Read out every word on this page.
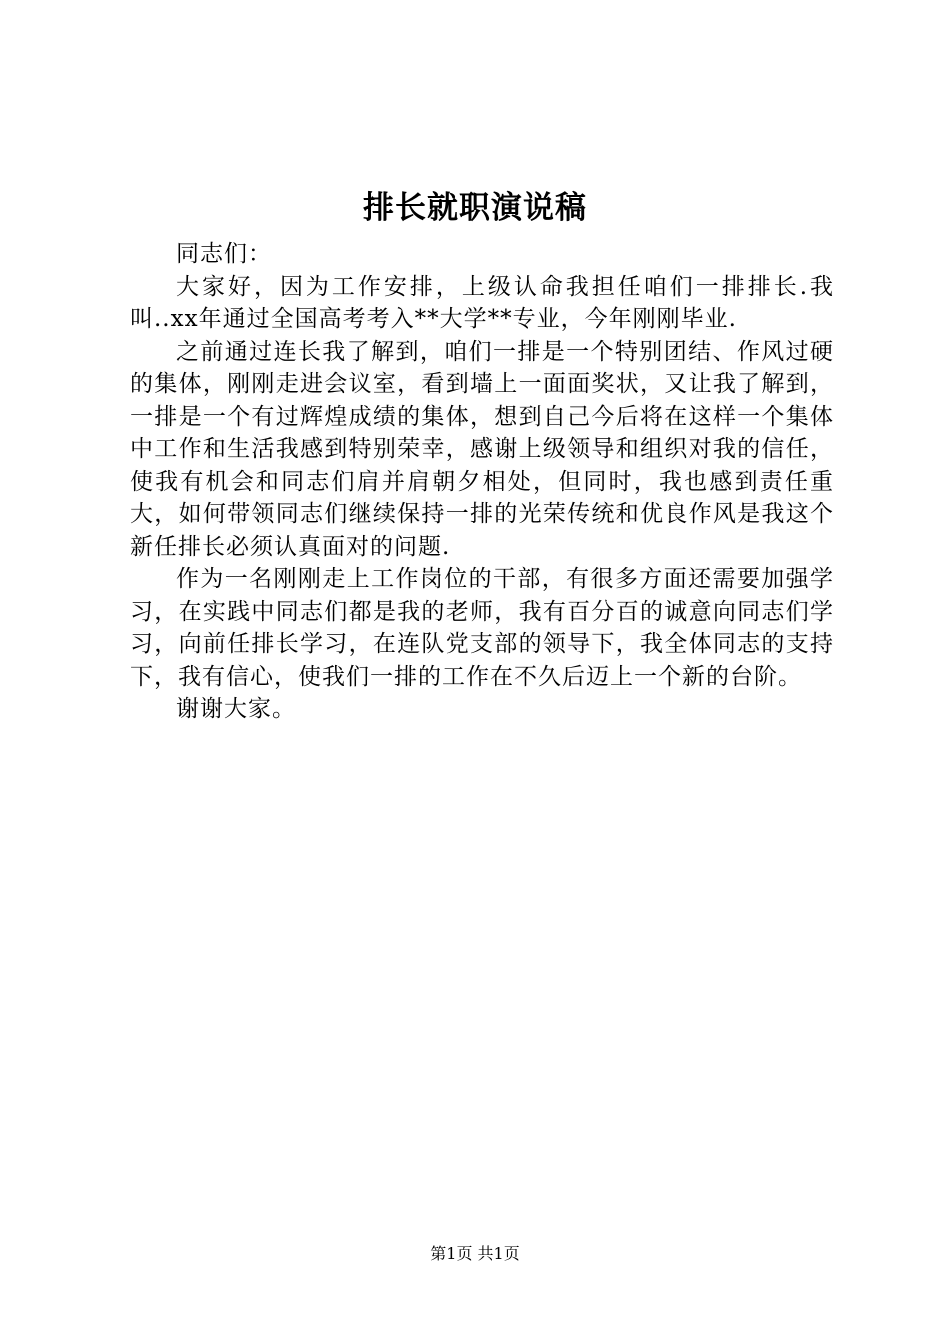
排长就职演说稿

同志们：

大家好，因为工作安排，上级认命我担任咱们一排排长.我叫..xx年通过全国高考考入**大学**专业，今年刚刚毕业.

之前通过连长我了解到，咱们一排是一个特别团结、作风过硬的集体，刚刚走进会议室，看到墙上一面面奖状，又让我了解到，一排是一个有过辉煌成绩的集体，想到自己今后将在这样一个集体中工作和生活我感到特别荣幸，感谢上级领导和组织对我的信任，使我有机会和同志们肩并肩朝夕相处，但同时，我也感到责任重大，如何带领同志们继续保持一排的光荣传统和优良作风是我这个新任排长必须认真面对的问题.

作为一名刚刚走上工作岗位的干部，有很多方面还需要加强学习，在实践中同志们都是我的老师，我有百分百的诚意向同志们学习，向前任排长学习，在连队党支部的领导下，我全体同志的支持下，我有信心，使我们一排的工作在不久后迈上一个新的台阶。

谢谢大家。

第1页 共1页
